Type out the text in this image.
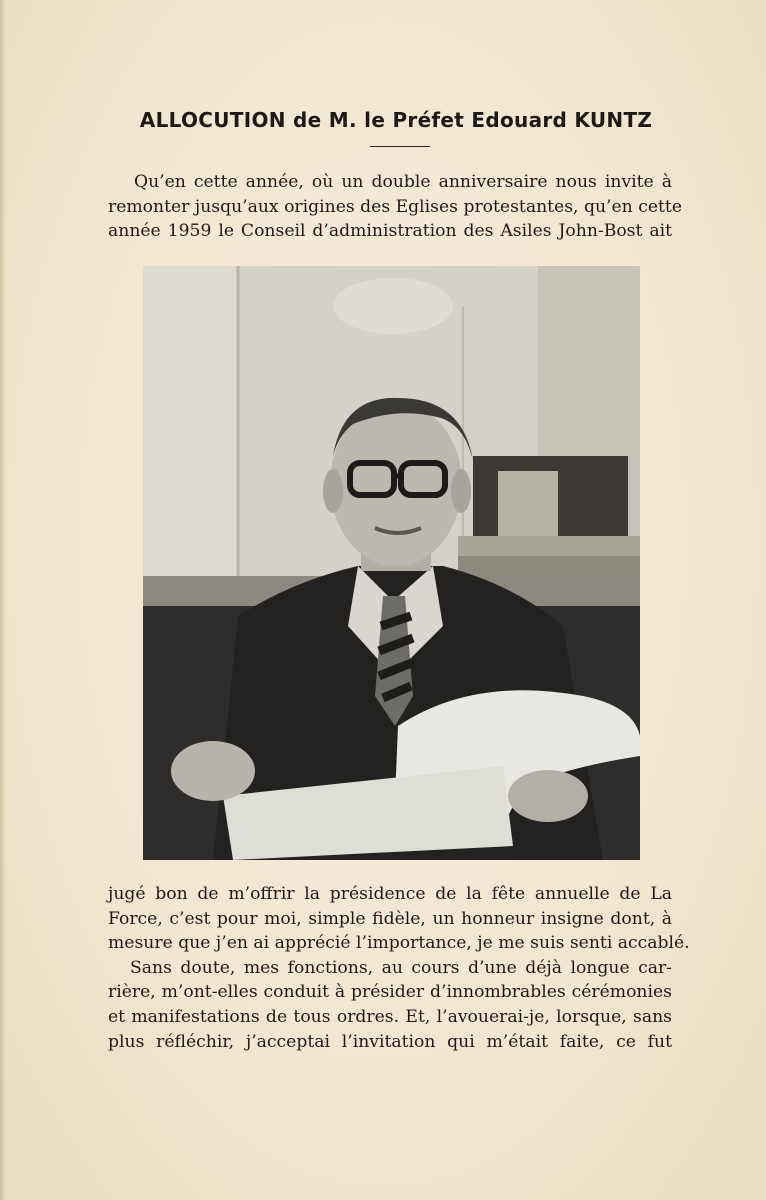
ALLOCUTION de M. le Préfet Edouard KUNTZ
Qu’en cette année, où un double anniversaire nous invite à
remonter jusqu’aux origines des Eglises protestantes, qu’en cette
année 1959 le Conseil d’administration des Asiles John-Bost ait
jugé bon de m’offrir la présidence de la fête annuelle de La
Force, c’est pour moi, simple fidèle, un honneur insigne dont, à
mesure que j’en ai apprécié l’importance, je me suis senti accablé.
Sans doute, mes fonctions, au cours d’une déjà longue car-
rière, m’ont-elles conduit à présider d’innombrables cérémonies
et manifestations de tous ordres. Et, l’avouerai-je, lorsque, sans
plus réfléchir, j’acceptai l’invitation qui m’était faite, ce fut
